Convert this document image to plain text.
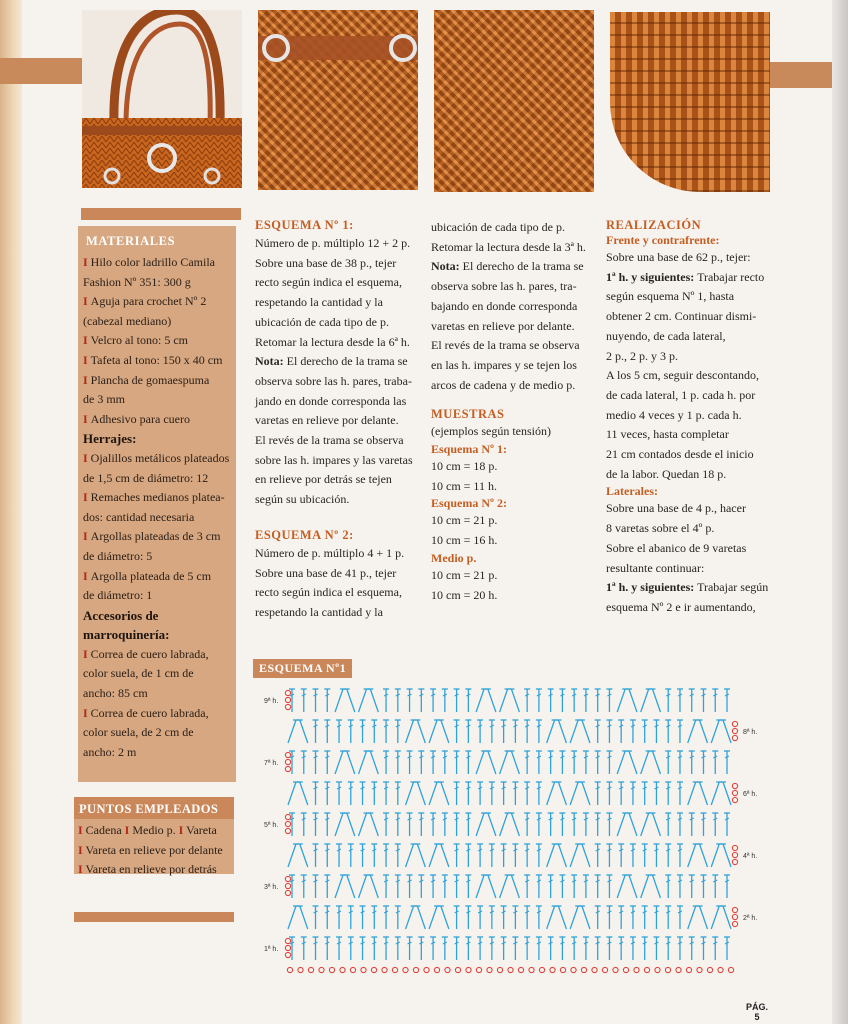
MATERIALES
I Hilo color ladrillo Camila
Fashion Nº 351: 300 g
I Aguja para crochet Nº 2
(cabezal mediano)
I Velcro al tono: 5 cm
I Tafeta al tono: 150 x 40 cm
I Plancha de gomaespuma
de 3 mm
I Adhesivo para cuero
Herrajes:
I Ojalillos metálicos plateados
de 1,5 cm de diámetro: 12
I Remaches medianos platea-
dos: cantidad necesaria
I Argollas plateadas de 3 cm
de diámetro: 5
I Argolla plateada de 5 cm
de diámetro: 1
Accesorios de
marroquinería:
I Correa de cuero labrada,
color suela, de 1 cm de
ancho: 85 cm
I Correa de cuero labrada,
color suela, de 2 cm de
ancho: 2 m
PUNTOS EMPLEADOS
I Cadena I Medio p. I Vareta
I Vareta en relieve por delante
I Vareta en relieve por detrás
ESQUEMA Nº 1:
Número de p. múltiplo 12 + 2 p.
Sobre una base de 38 p., tejer
recto según indica el esquema,
respetando la cantidad y la
ubicación de cada tipo de p.
Retomar la lectura desde la 6ª h.
Nota: El derecho de la trama se
observa sobre las h. pares, traba-
jando en donde corresponda las
varetas en relieve por delante.
El revés de la trama se observa
sobre las h. impares y las varetas
en relieve por detrás se tejen
según su ubicación.
ESQUEMA Nº 2:
Número de p. múltiplo 4 + 1 p.
Sobre una base de 41 p., tejer
recto según indica el esquema,
respetando la cantidad y la
ubicación de cada tipo de p.
Retomar la lectura desde la 3ª h.
Nota: El derecho de la trama se
observa sobre las h. pares, tra-
bajando en donde corresponda
varetas en relieve por delante.
El revés de la trama se observa
en las h. impares y se tejen los
arcos de cadena y de medio p.
MUESTRAS
(ejemplos según tensión)
Esquema Nº 1:
10 cm = 18 p.
10 cm = 11 h.
Esquema Nº 2:
10 cm = 21 p.
10 cm = 16 h.
Medio p.
10 cm = 21 p.
10 cm = 20 h.
REALIZACIÓN
Frente y contrafrente:
Sobre una base de 62 p., tejer:
1ª h. y siguientes: Trabajar recto
según esquema Nº 1, hasta
obtener 2 cm. Continuar dismi-
nuyendo, de cada lateral,
2 p., 2 p. y 3 p.
A los 5 cm, seguir descontando,
de cada lateral, 1 p. cada h. por
medio 4 veces y 1 p. cada h.
11 veces, hasta completar
21 cm contados desde el inicio
de la labor. Quedan 18 p.
Laterales:
Sobre una base de 4 p., hacer
8 varetas sobre el 4º p.
Sobre el abanico de 9 varetas
resultante continuar:
1ª h. y siguientes: Trabajar según
esquema Nº 2 e ir aumentando,
ESQUEMA Nº1
9ª h.
7ª h.
5ª h.
3ª h.
1ª h.
8ª h.
6ª h.
4ª h.
2ª h.
PÁG.
5
